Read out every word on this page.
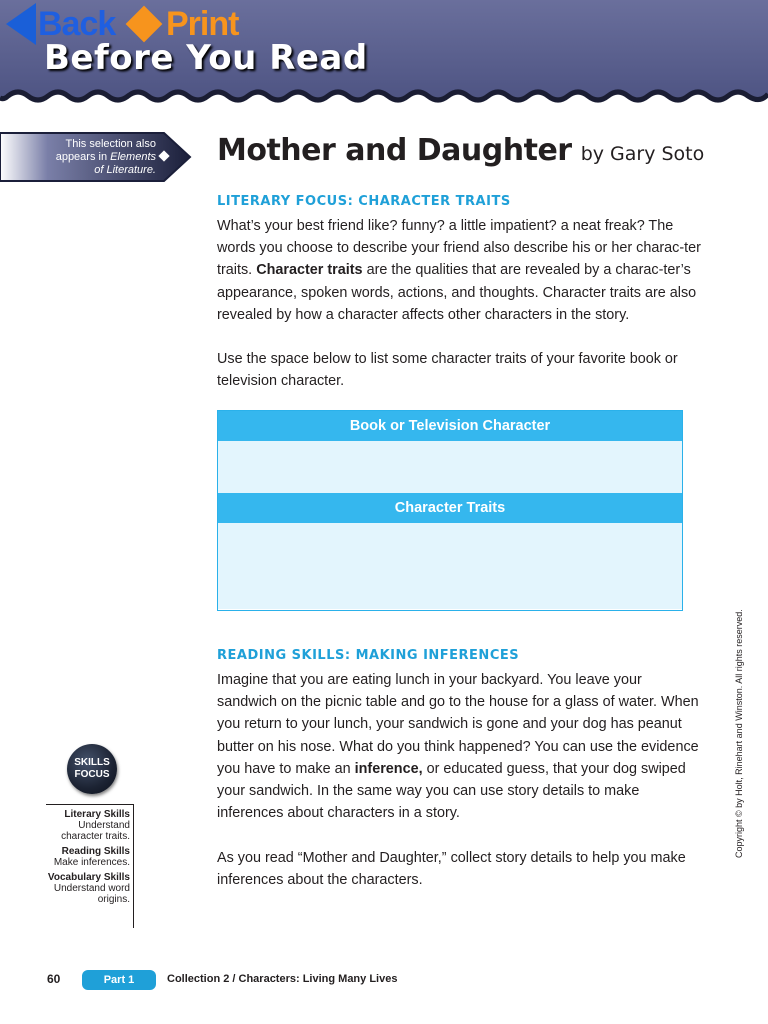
Back Print
Before You Read
This selection also
appears in Elements
of Literature.
Mother and Daughter by Gary Soto
LITERARY FOCUS: CHARACTER TRAITS
What’s your best friend like? funny? a little impatient? a neat freak? The words you choose to describe your friend also describe his or her charac-ter traits. Character traits are the qualities that are revealed by a charac-ter’s appearance, spoken words, actions, and thoughts. Character traits are also revealed by how a character affects other characters in the story.
Use the space below to list some character traits of your favorite book or television character.
Book or Television Character
Character Traits
READING SKILLS: MAKING INFERENCES
Imagine that you are eating lunch in your backyard. You leave your sandwich on the picnic table and go to the house for a glass of water. When you return to your lunch, your sandwich is gone and your dog has peanut butter on his nose. What do you think happened? You can use the evidence you have to make an inference, or educated guess, that your dog swiped your sandwich. In the same way you can use story details to make inferences about characters in a story.
As you read “Mother and Daughter,” collect story details to help you make inferences about the characters.
SKILLS
FOCUS
Literary Skills
Understand character traits.
Reading Skills
Make inferences.
Vocabulary Skills
Understand word origins.
Copyright © by Holt, Rinehart and Winston. All rights reserved.
60	Part 1	Collection 2 / Characters: Living Many Lives
